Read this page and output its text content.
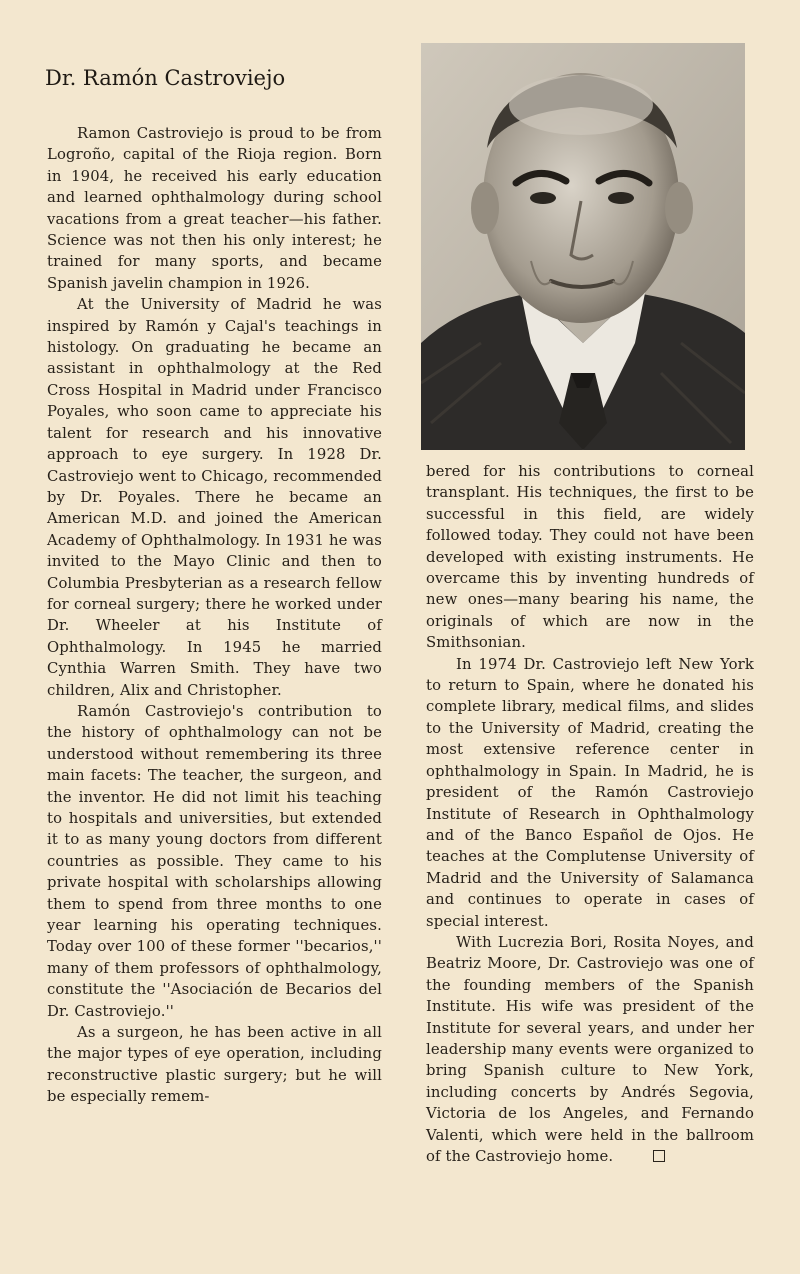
Dr. Ramón Castroviejo

Ramon Castroviejo is proud to be from Logroño, capital of the Rioja region. Born in 1904, he received his early education and learned ophthalmology during school vacations from a great teacher—his father. Science was not then his only interest; he trained for many sports, and became Spanish javelin champion in 1926.

At the University of Madrid he was inspired by Ramón y Cajal's teachings in histology. On graduating he became an assistant in ophthalmology at the Red Cross Hospital in Madrid under Francisco Poyales, who soon came to appreciate his talent for research and his innovative approach to eye surgery. In 1928 Dr. Castroviejo went to Chicago, recommended by Dr. Poyales. There he became an American M.D. and joined the American Academy of Ophthalmology. In 1931 he was invited to the Mayo Clinic and then to Columbia Presbyterian as a research fellow for corneal surgery; there he worked under Dr. Wheeler at his Institute of Ophthalmology. In 1945 he married Cynthia Warren Smith. They have two children, Alix and Christopher.

Ramón Castroviejo's contribution to the history of ophthalmology can not be understood without remembering its three main facets: The teacher, the surgeon, and the inventor. He did not limit his teaching to hospitals and universities, but extended it to as many young doctors from different countries as possible. They came to his private hospital with scholarships allowing them to spend from three months to one year learning his operating techniques. Today over 100 of these former ''becarios,'' many of them professors of ophthalmology, constitute the ''Asociación de Becarios del Dr. Castroviejo.''

As a surgeon, he has been active in all the major types of eye operation, including reconstructive plastic surgery; but he will be especially remem-

bered for his contributions to corneal transplant. His techniques, the first to be successful in this field, are widely followed today. They could not have been developed with existing instruments. He overcame this by inventing hundreds of new ones—many bearing his name, the originals of which are now in the Smithsonian.

In 1974 Dr. Castroviejo left New York to return to Spain, where he donated his complete library, medical films, and slides to the University of Madrid, creating the most extensive reference center in ophthalmology in Spain. In Madrid, he is president of the Ramón Castroviejo Institute of Research in Ophthalmology and of the Banco Español de Ojos. He teaches at the Complutense University of Madrid and the University of Salamanca and continues to operate in cases of special interest.

With Lucrezia Bori, Rosita Noyes, and Beatriz Moore, Dr. Castroviejo was one of the founding members of the Spanish Institute. His wife was president of the Institute for several years, and under her leadership many events were organized to bring Spanish culture to New York, including concerts by Andrés Segovia, Victoria de los Angeles, and Fernando Valenti, which were held in the ballroom of the Castroviejo home.
